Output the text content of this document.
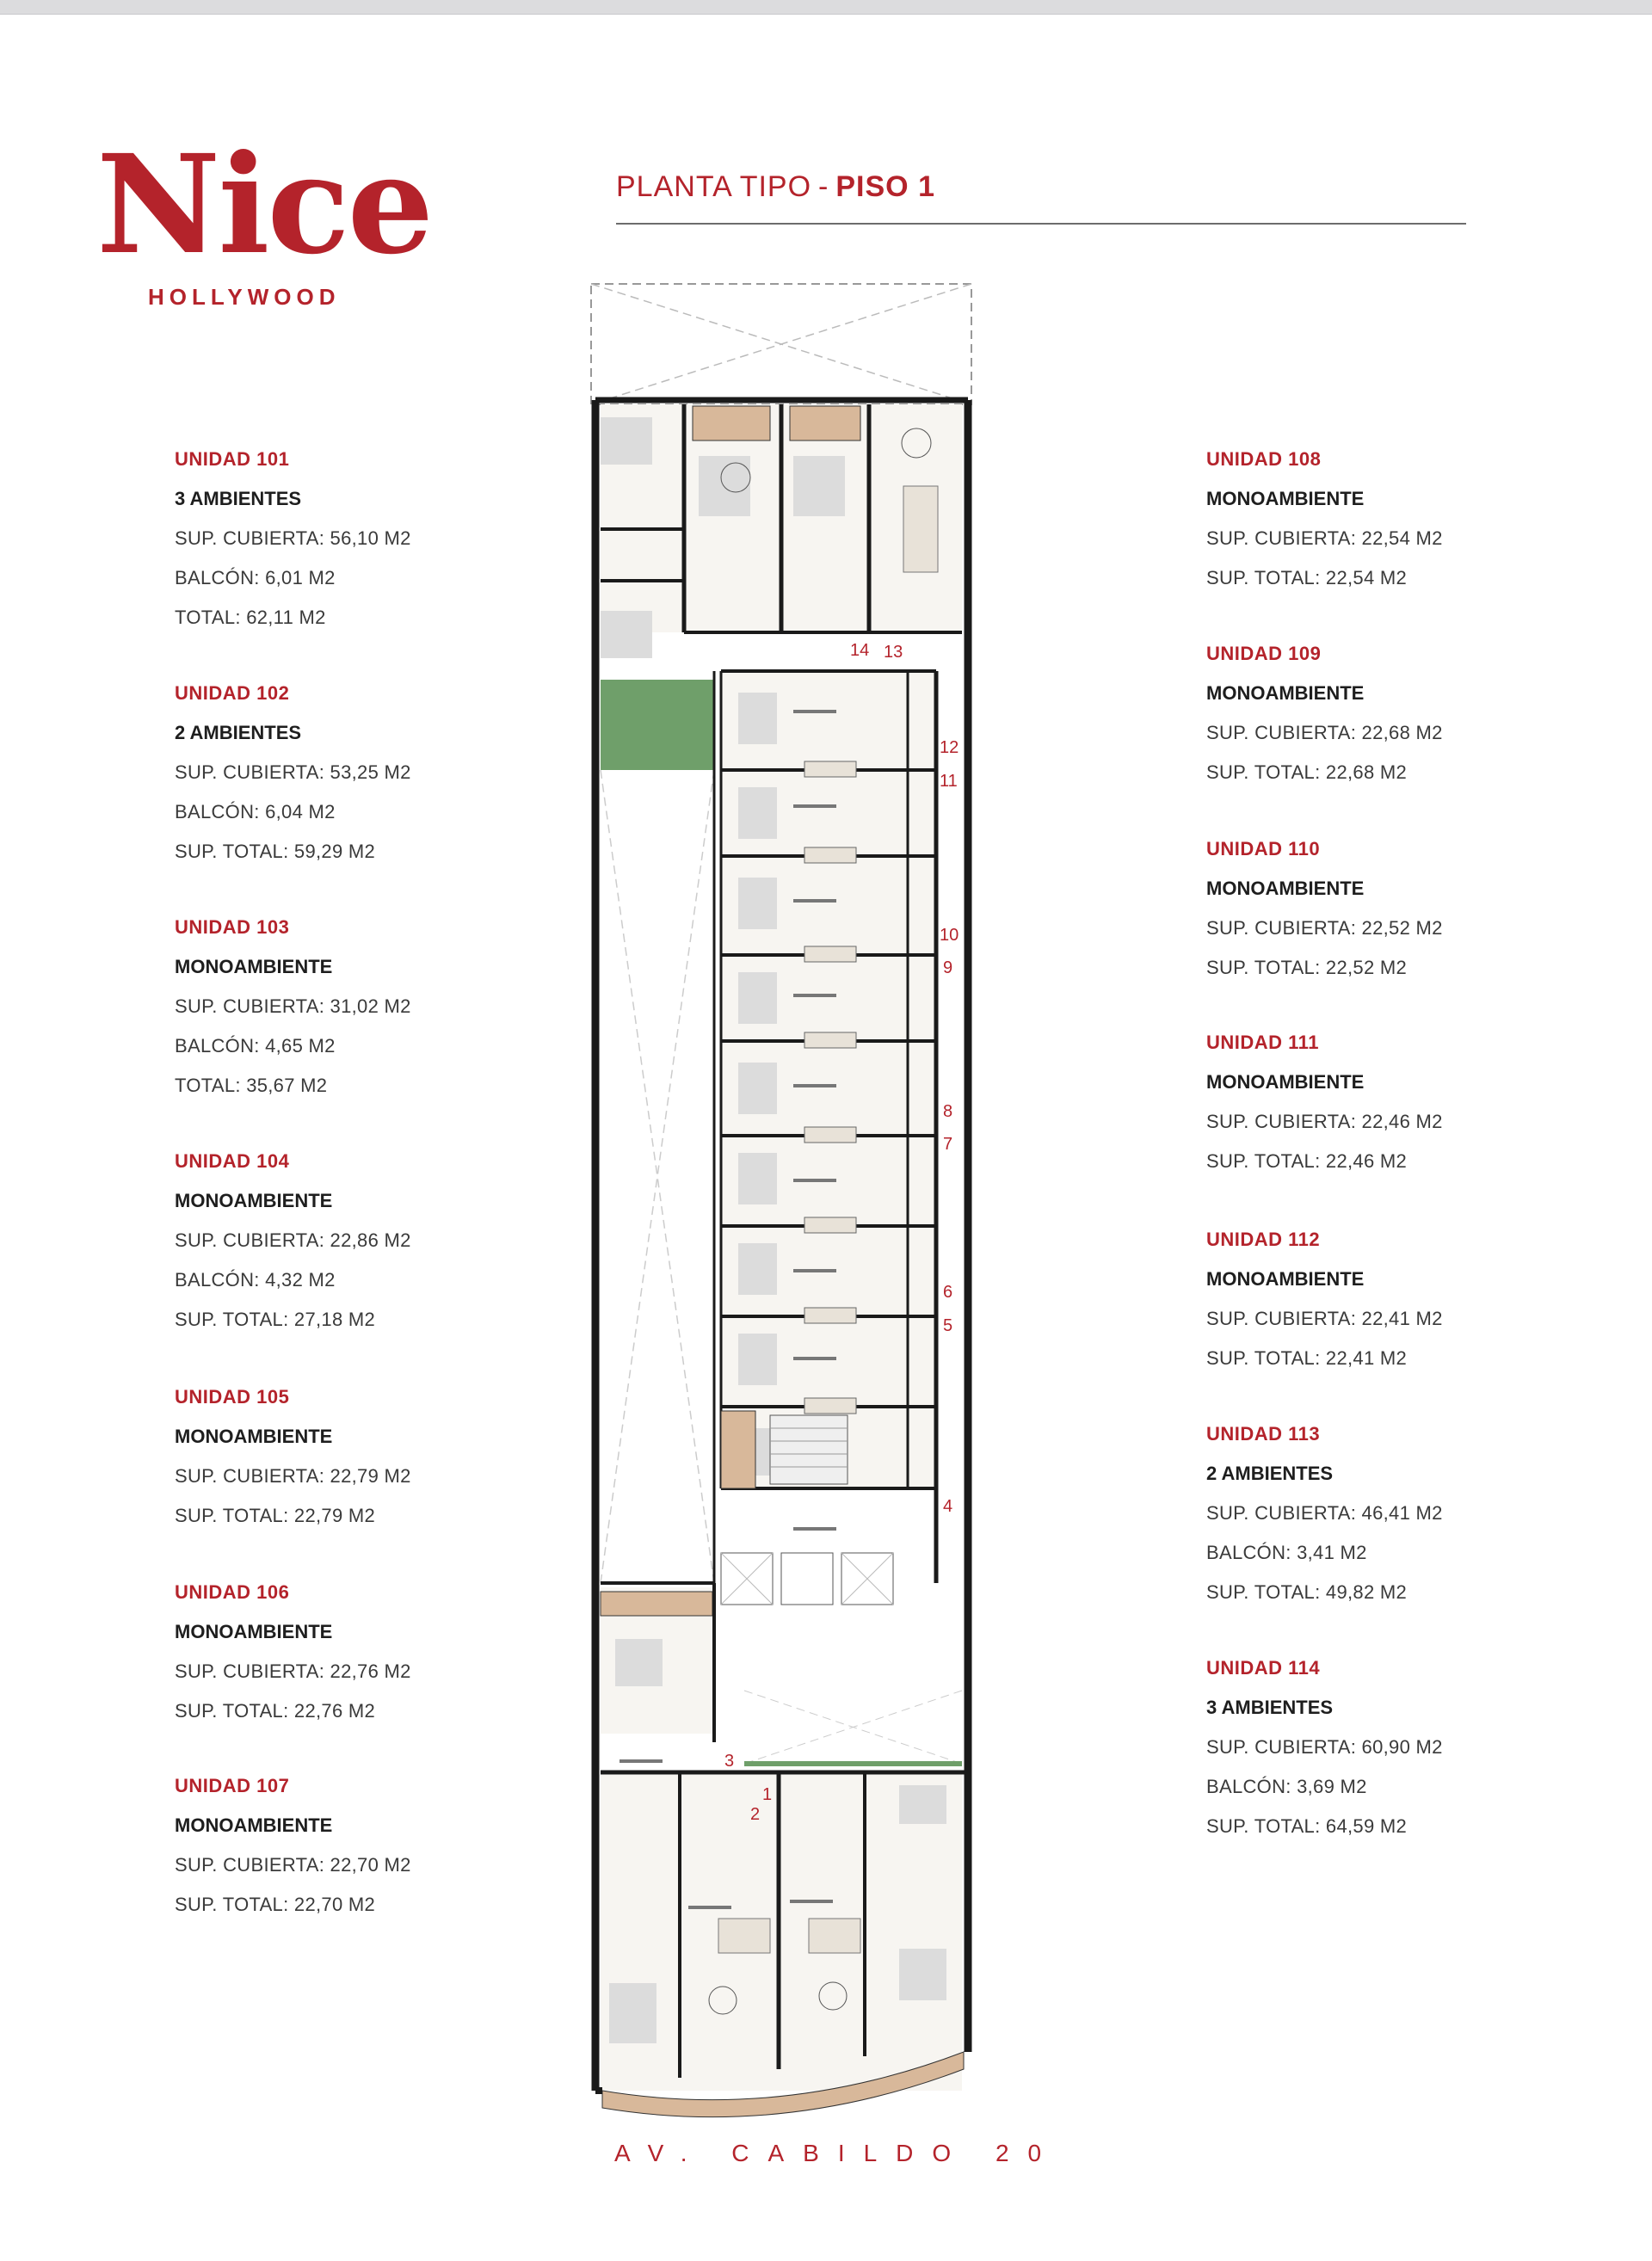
Nice
HOLLYWOOD
PLANTA TIPO - PISO 1
UNIDAD 101
3 AMBIENTES
SUP. CUBIERTA: 56,10 M2
BALCÓN: 6,01 M2
TOTAL: 62,11 M2
UNIDAD 102
2 AMBIENTES
SUP. CUBIERTA: 53,25 M2
BALCÓN: 6,04 M2
SUP. TOTAL: 59,29 M2
UNIDAD 103
MONOAMBIENTE
SUP. CUBIERTA: 31,02 M2
BALCÓN: 4,65 M2
TOTAL: 35,67 M2
UNIDAD 104
MONOAMBIENTE
SUP. CUBIERTA: 22,86 M2
BALCÓN: 4,32 M2
SUP. TOTAL: 27,18 M2
UNIDAD 105
MONOAMBIENTE
SUP. CUBIERTA: 22,79 M2
SUP. TOTAL: 22,79 M2
UNIDAD 106
MONOAMBIENTE
SUP. CUBIERTA: 22,76 M2
SUP. TOTAL: 22,76 M2
UNIDAD 107
MONOAMBIENTE
SUP. CUBIERTA: 22,70 M2
SUP. TOTAL: 22,70 M2
UNIDAD 108
MONOAMBIENTE
SUP. CUBIERTA: 22,54 M2
SUP. TOTAL: 22,54 M2
UNIDAD 109
MONOAMBIENTE
SUP. CUBIERTA: 22,68 M2
SUP. TOTAL: 22,68 M2
UNIDAD 110
MONOAMBIENTE
SUP. CUBIERTA: 22,52 M2
SUP. TOTAL: 22,52 M2
UNIDAD 111
MONOAMBIENTE
SUP. CUBIERTA: 22,46 M2
SUP. TOTAL: 22,46 M2
UNIDAD 112
MONOAMBIENTE
SUP. CUBIERTA: 22,41 M2
SUP. TOTAL: 22,41 M2
UNIDAD 113
2 AMBIENTES
SUP. CUBIERTA: 46,41 M2
BALCÓN: 3,41 M2
SUP. TOTAL: 49,82 M2
UNIDAD 114
3 AMBIENTES
SUP. CUBIERTA: 60,90 M2
BALCÓN: 3,69 M2
SUP. TOTAL: 64,59 M2
14 13
12
11
10
9
8
7
6
5
4
3
2
1
AV. CABILDO 20
